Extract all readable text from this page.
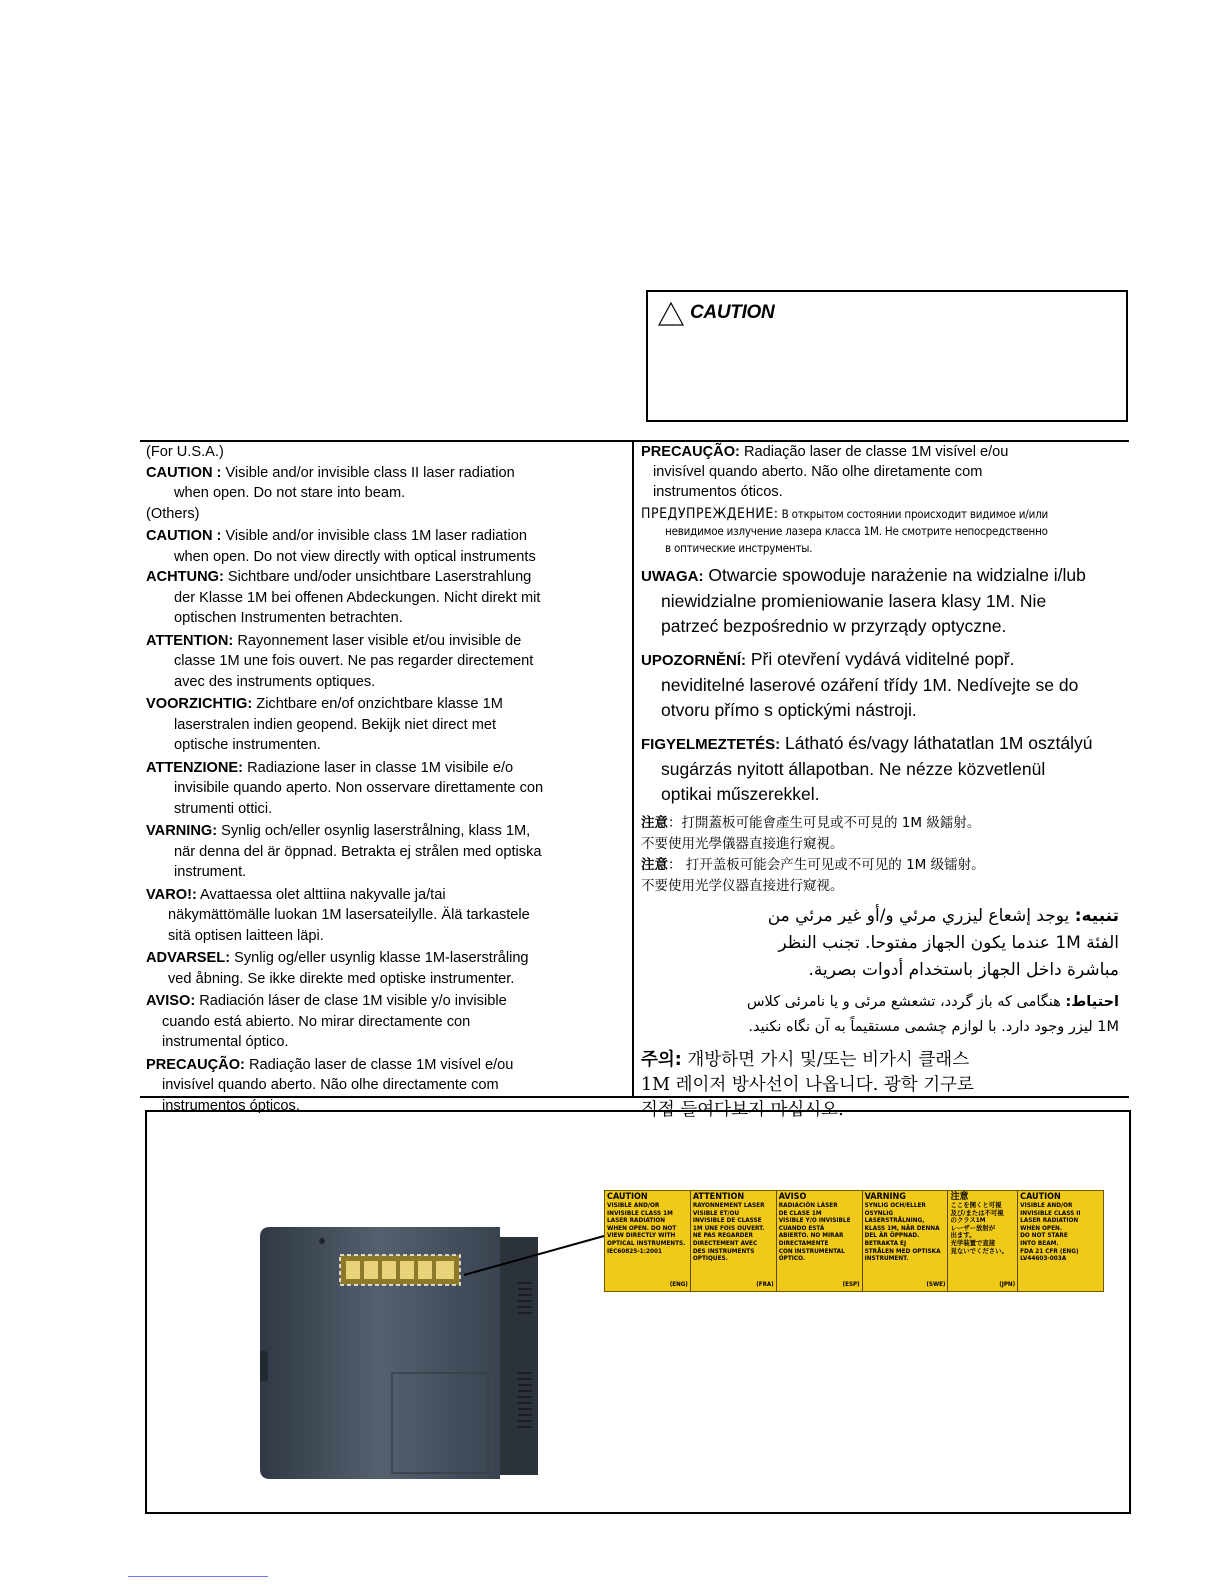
CAUTION
(For U.S.A.)
CAUTION : Visible and/or invisible class II laser radiation
when open. Do not stare into beam.
(Others)
CAUTION : Visible and/or invisible class 1M laser radiation
when open. Do not view directly with optical instruments
ACHTUNG: Sichtbare und/oder unsichtbare Laserstrahlung
der Klasse 1M bei offenen Abdeckungen. Nicht direkt mit
optischen Instrumenten betrachten.
ATTENTION: Rayonnement laser visible et/ou invisible de
classe 1M une fois ouvert. Ne pas regarder directement
avec des instruments optiques.
VOORZICHTIG: Zichtbare en/of onzichtbare klasse 1M
laserstralen indien geopend. Bekijk niet direct met
optische instrumenten.
ATTENZIONE: Radiazione laser in classe 1M visibile e/o
invisibile quando aperto. Non osservare direttamente con
strumenti ottici.
VARNING: Synlig och/eller osynlig laserstrålning, klass 1M,
när denna del är öppnad. Betrakta ej strålen med optiska
instrument.
VARO!: Avattaessa olet alttiina nakyvalle ja/tai
näkymättömälle luokan 1M lasersateilylle. Älä tarkastele
sitä optisen laitteen läpi.
ADVARSEL: Synlig og/eller usynlig klasse 1M-laserstråling
ved åbning. Se ikke direkte med optiske instrumenter.
AVISO: Radiación láser de clase 1M visible y/o invisible
cuando está abierto. No mirar directamente con
instrumental óptico.
PRECAUÇÃO: Radiação laser de classe 1M visível e/ou
invisível quando aberto. Não olhe directamente com
instrumentos ópticos.
PRECAUÇÃO: Radiação laser de classe 1M visível e/ou
invisível quando aberto. Não olhe diretamente com
instrumentos óticos.
ПРЕДУПРЕЖДЕНИЕ: В открытом состоянии происходит видимое и/или
невидимое излучение лазера класса 1M. Не смотрите непосредственно
в оптические инструменты.
UWAGA: Otwarcie spowoduje narażenie na widzialne i/lub
niewidzialne promieniowanie lasera klasy 1M. Nie
patrzeć bezpośrednio w przyrządy optyczne.
UPOZORNĚNÍ: Při otevření vydává viditelné popř.
neviditelné laserové ozáření třídy 1M. Nedívejte se do
otvoru přímo s optickými nástroji.
FIGYELMEZTETÉS: Látható és/vagy láthatatlan 1M osztályú
sugárzás nyitott állapotban. Ne nézze közvetlenül
optikai műszerekkel.
注意：打開蓋板可能會產生可見或不可見的 1M 級鐳射。
不要使用光學儀器直接進行窺視。
注意： 打开盖板可能会产生可见或不可见的 1M 级镭射。
不要使用光学仪器直接进行窥视。
تنبيه: يوجد إشعاع ليزري مرئي و/أو غير مرئي من
الفئة 1M عندما يكون الجهاز مفتوحا. تجنب النظر
مباشرة داخل الجهاز باستخدام أدوات بصرية.
احتیاط: هنگامی که باز گردد، تشعشع مرئی و یا نامرئی کلاس
1M لیزر وجود دارد. با لوازم چشمی مستقیماً به آن نگاه نکنید.
주의: 개방하면 가시 및/또는 비가시 클래스
1M 레이저 방사선이 나옵니다. 광학 기구로
직접 들여다보지 마십시오.
CAUTION
VISIBLE AND/OR
INVISIBLE CLASS 1M
LASER RADIATION
WHEN OPEN. DO NOT
VIEW DIRECTLY WITH
OPTICAL INSTRUMENTS.
IEC60825-1:2001
(ENG)
ATTENTION
RAYONNEMENT LASER
VISIBLE ET/OU
INVISIBLE DE CLASSE
1M UNE FOIS OUVERT.
NE PAS REGARDER
DIRECTEMENT AVEC
DES INSTRUMENTS
OPTIQUES.
(FRA)
AVISO
RADIACIÓN LÁSER
DE CLASE 1M
VISIBLE Y/O INVISIBLE
CUANDO ESTÁ
ABIERTO. NO MIRAR
DIRECTAMENTE
CON INSTRUMENTAL
ÓPTICO.
(ESP)
VARNING
SYNLIG OCH/ELLER
OSYNLIG
LASERSTRÅLNING,
KLASS 1M, NÄR DENNA
DEL ÄR ÖPPNAD.
BETRAKTA EJ
STRÅLEN MED OPTISKA
INSTRUMENT.
(SWE)
注意
ここを開くと可視
及び/または不可視
のクラス1M
レーザー放射が
出ます。
光学装置で直接
見ないでください。
(JPN)
CAUTION
VISIBLE AND/OR
INVISIBLE CLASS II
LASER RADIATION
WHEN OPEN.
DO NOT STARE
INTO BEAM.
FDA 21 CFR (ENG)
LV44603-003A
